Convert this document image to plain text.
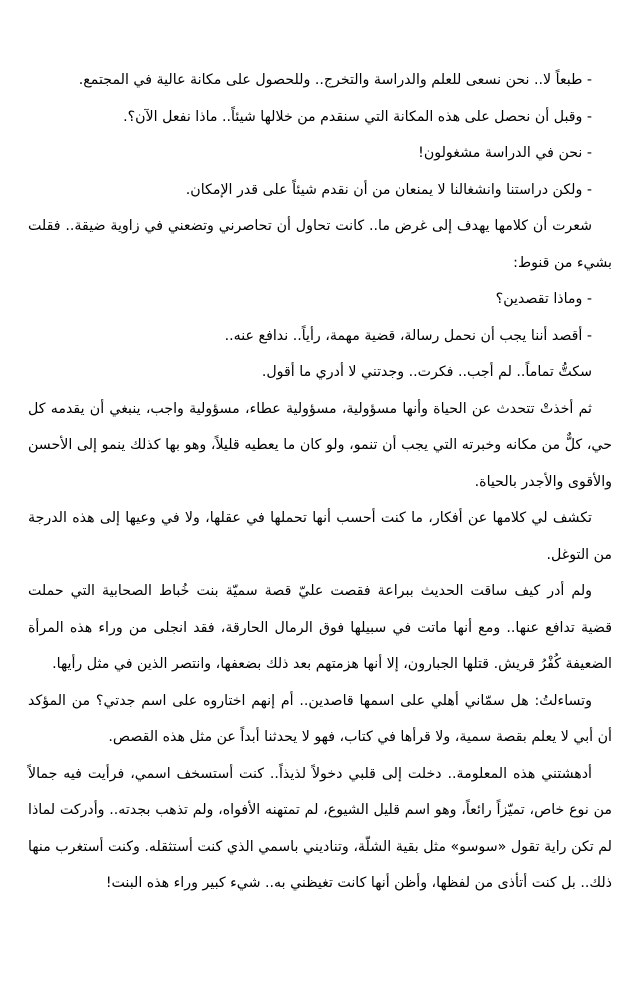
- طبعاً لا.. نحن نسعى للعلم والدراسة والتخرج.. وللحصول على مكانة عالية في المجتمع.

- وقبل أن نحصل على هذه المكانة التي سنقدم من خلالها شيئاً.. ماذا نفعل الآن؟.

- نحن في الدراسة مشغولون!

- ولكن دراستنا وانشغالنا لا يمنعان من أن نقدم شيئاً على قدر الإمكان.

شعرت أن كلامها يهدف إلى غرض ما.. كانت تحاول أن تحاصرني وتضعني في زاوية ضيقة.. فقلت بشيء من قنوط:

- وماذا تقصدين؟

- أقصد أننا يجب أن نحمل رسالة، قضية مهمة، رأياً.. ندافع عنه..

سكتُّ تماماً.. لم أجب.. فكرت.. وجدتني لا أدري ما أقول.

ثم أخذتْ تتحدث عن الحياة وأنها مسؤولية، مسؤولية عطاء، مسؤولية واجب، ينبغي أن يقدمه كل حي، كلٌّ من مكانه وخبرته التي يجب أن تنمو، ولو كان ما يعطيه قليلاً، وهو بها كذلك ينمو إلى الأحسن والأقوى والأجدر بالحياة.

تكشف لي كلامها عن أفكار، ما كنت أحسب أنها تحملها في عقلها، ولا في وعيها إلى هذه الدرجة من التوغل.

ولم أدر كيف ساقت الحديث ببراعة فقصت عليّ قصة سميّة بنت خُباط الصحابية التي حملت قضية تدافع عنها.. ومع أنها ماتت في سبيلها فوق الرمال الحارقة، فقد انجلى من وراء هذه المرأة الضعيفة كُفْرُ قريش. قتلها الجبارون، إلا أنها هزمتهم بعد ذلك بضعفها، وانتصر الذين في مثل رأيها.

وتساءلتُ: هل سمّاني أهلي على اسمها قاصدين.. أم إنهم اختاروه على اسم جدتي؟ من المؤكد أن أبي لا يعلم بقصة سمية، ولا قرأها في كتاب، فهو لا يحدثنا أبداً عن مثل هذه القصص.

أدهشتني هذه المعلومة.. دخلت إلى قلبي دخولاً لذيذاً.. كنت أستسخف اسمي، فرأيت فيه جمالاً من نوع خاص، تميّزاً رائعاً، وهو اسم قليل الشيوع، لم تمتهنه الأفواه، ولم تذهب بجدته.. وأدركت لماذا لم تكن راية تقول «سوسو» مثل بقية الشلّة، وتناديني باسمي الذي كنت أستثقله. وكنت أستغرب منها ذلك.. بل كنت أتأذى من لفظها، وأظن أنها كانت تغيظني به.. شيء كبير وراء هذه البنت!
